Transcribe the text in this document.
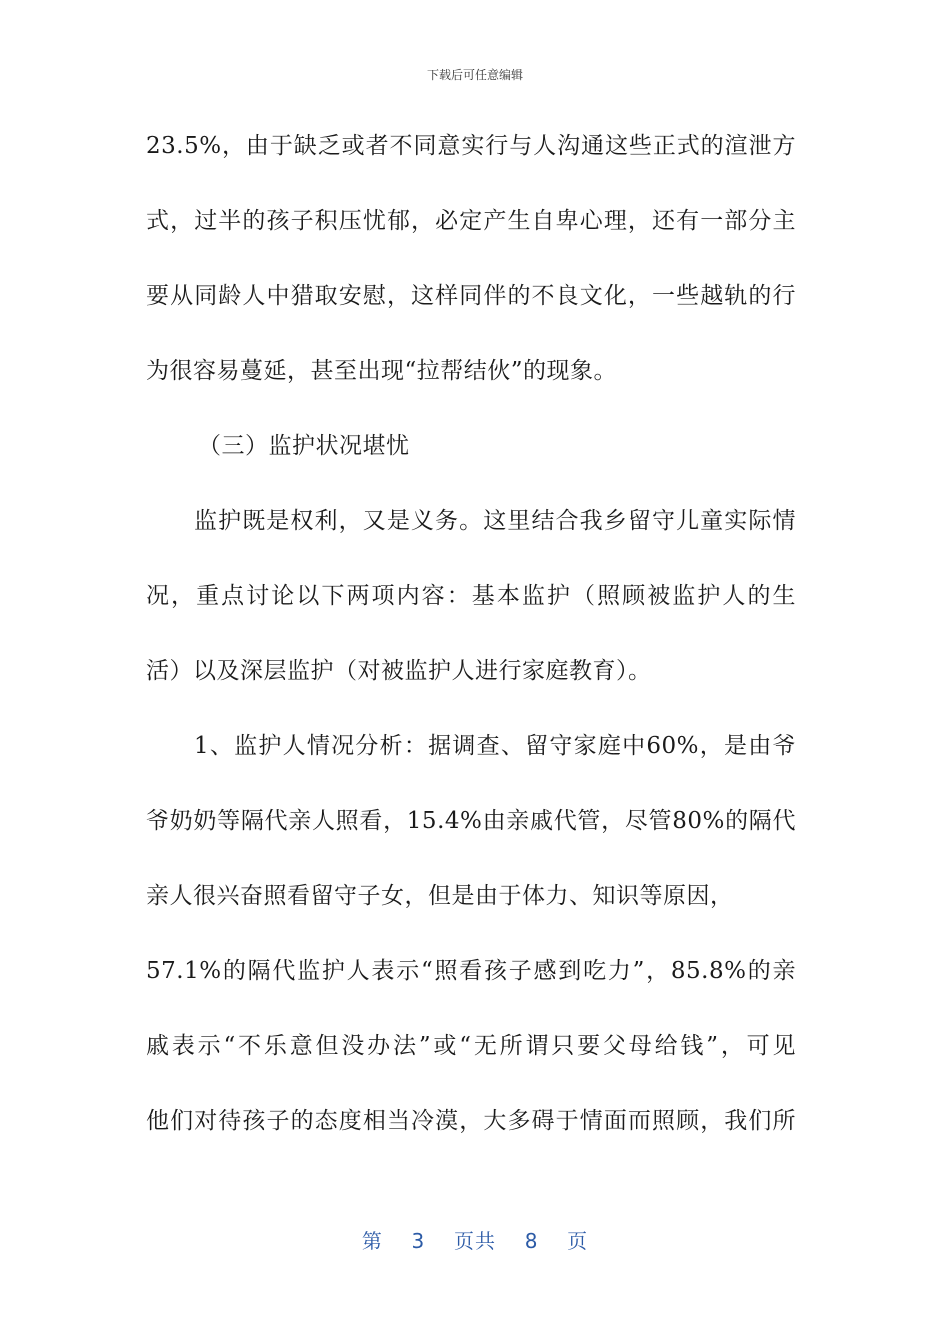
下载后可任意编辑
23.5%，由于缺乏或者不同意实行与人沟通这些正式的渲泄方
式，过半的孩子积压忧郁，必定产生自卑心理，还有一部分主
要从同龄人中猎取安慰，这样同伴的不良文化，一些越轨的行
为很容易蔓延，甚至出现“拉帮结伙”的现象。
（三）监护状况堪忧
监护既是权利，又是义务。这里结合我乡留守儿童实际情
况，重点讨论以下两项内容：基本监护（照顾被监护人的生
活）以及深层监护（对被监护人进行家庭教育）。
1、监护人情况分析：据调查、留守家庭中60%，是由爷
爷奶奶等隔代亲人照看，15.4%由亲戚代管，尽管80%的隔代
亲人很兴奋照看留守子女，但是由于体力、知识等原因，
57.1%的隔代监护人表示“照看孩子感到吃力”，85.8%的亲
戚表示“不乐意但没办法”或“无所谓只要父母给钱”，可见
他们对待孩子的态度相当冷漠，大多碍于情面而照顾，我们所
第 3 页共 8 页
